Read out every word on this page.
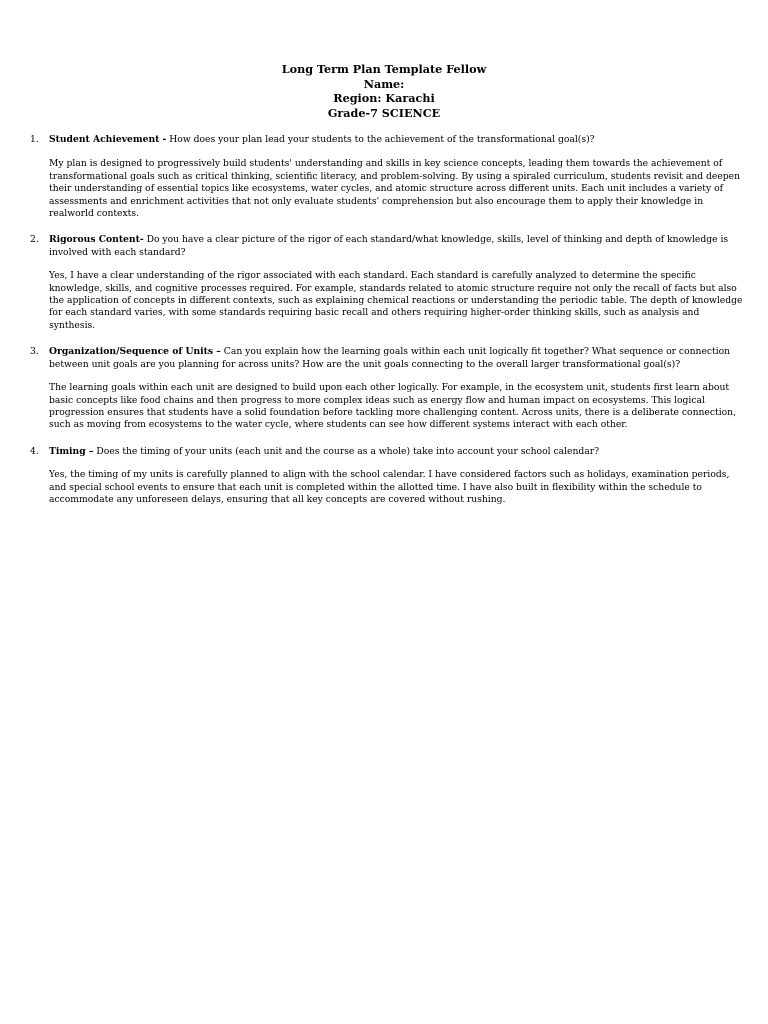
Long Term Plan Template Fellow
Name:
Region: Karachi
Grade-7 SCIENCE
1. Student Achievement - How does your plan lead your students to the achievement of the transformational goal(s)?

My plan is designed to progressively build students' understanding and skills in key science concepts, leading them towards the achievement of transformational goals such as critical thinking, scientific literacy, and problem-solving. By using a spiraled curriculum, students revisit and deepen their understanding of essential topics like ecosystems, water cycles, and atomic structure across different units. Each unit includes a variety of assessments and enrichment activities that not only evaluate students' comprehension but also encourage them to apply their knowledge in realworld contexts.

2. Rigorous Content- Do you have a clear picture of the rigor of each standard/what knowledge, skills, level of thinking and depth of knowledge is involved with each standard?

Yes, I have a clear understanding of the rigor associated with each standard. Each standard is carefully analyzed to determine the specific knowledge, skills, and cognitive processes required. For example, standards related to atomic structure require not only the recall of facts but also the application of concepts in different contexts, such as explaining chemical reactions or understanding the periodic table. The depth of knowledge for each standard varies, with some standards requiring basic recall and others requiring higher-order thinking skills, such as analysis and synthesis.

3. Organization/Sequence of Units – Can you explain how the learning goals within each unit logically fit together? What sequence or connection between unit goals are you planning for across units? How are the unit goals connecting to the overall larger transformational goal(s)?

The learning goals within each unit are designed to build upon each other logically. For example, in the ecosystem unit, students first learn about basic concepts like food chains and then progress to more complex ideas such as energy flow and human impact on ecosystems. This logical progression ensures that students have a solid foundation before tackling more challenging content. Across units, there is a deliberate connection, such as moving from ecosystems to the water cycle, where students can see how different systems interact with each other.

4. Timing – Does the timing of your units (each unit and the course as a whole) take into account your school calendar?

Yes, the timing of my units is carefully planned to align with the school calendar. I have considered factors such as holidays, examination periods, and special school events to ensure that each unit is completed within the allotted time. I have also built in flexibility within the schedule to accommodate any unforeseen delays, ensuring that all key concepts are covered without rushing.
